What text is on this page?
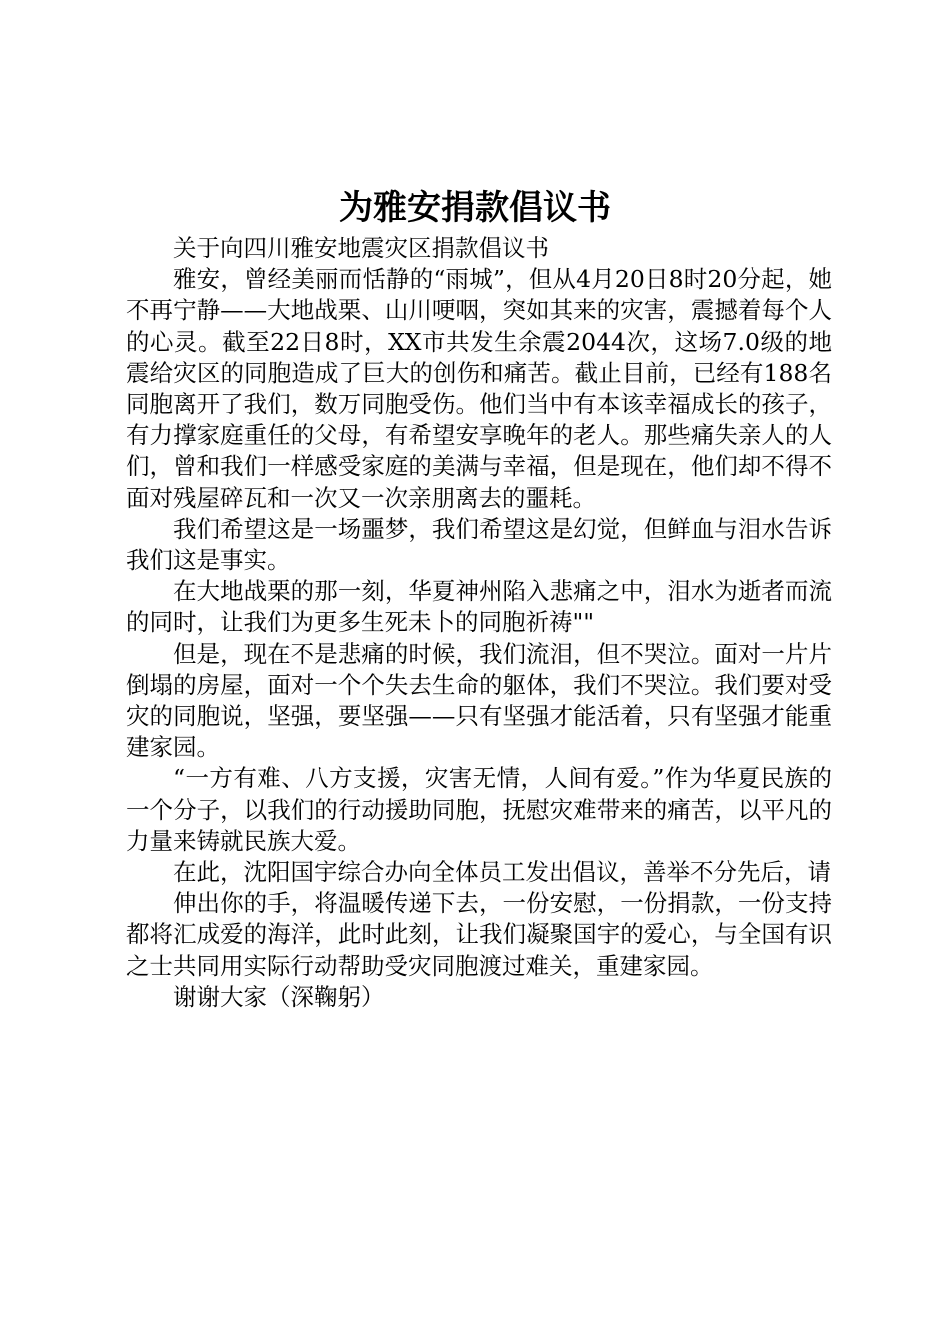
为雅安捐款倡议书

关于向四川雅安地震灾区捐款倡议书

雅安，曾经美丽而恬静的“雨城”，但从4月20日8时20分起，她不再宁静——大地战栗、山川哽咽，突如其来的灾害，震撼着每个人的心灵。截至22日8时，XX市共发生余震2044次，这场7.0级的地震给灾区的同胞造成了巨大的创伤和痛苦。截止目前，已经有188名同胞离开了我们，数万同胞受伤。他们当中有本该幸福成长的孩子，有力撑家庭重任的父母，有希望安享晚年的老人。那些痛失亲人的人们，曾和我们一样感受家庭的美满与幸福，但是现在，他们却不得不面对残屋碎瓦和一次又一次亲朋离去的噩耗。

我们希望这是一场噩梦，我们希望这是幻觉，但鲜血与泪水告诉我们这是事实。

在大地战栗的那一刻，华夏神州陷入悲痛之中，泪水为逝者而流的同时，让我们为更多生死未卜的同胞祈祷""

但是，现在不是悲痛的时候，我们流泪，但不哭泣。面对一片片倒塌的房屋，面对一个个失去生命的躯体，我们不哭泣。我们要对受灾的同胞说，坚强，要坚强——只有坚强才能活着，只有坚强才能重建家园。

“一方有难、八方支援，灾害无情，人间有爱。”作为华夏民族的一个分子，以我们的行动援助同胞，抚慰灾难带来的痛苦，以平凡的力量来铸就民族大爱。

在此，沈阳国宇综合办向全体员工发出倡议，善举不分先后，请

伸出你的手，将温暖传递下去，一份安慰，一份捐款，一份支持都将汇成爱的海洋，此时此刻，让我们凝聚国宇的爱心，与全国有识之士共同用实际行动帮助受灾同胞渡过难关，重建家园。

谢谢大家（深鞠躬）
